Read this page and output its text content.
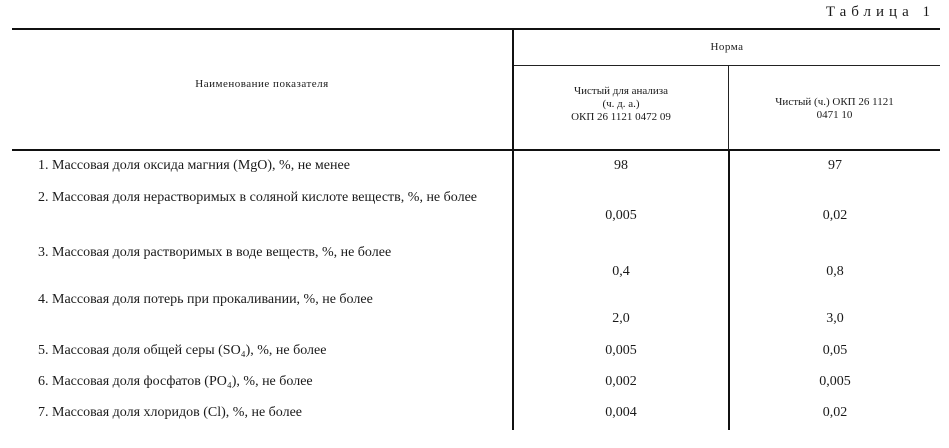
Таблица 1
Наименование показателя
Норма
Чистый для анализа
(ч. д. а.)
ОКП 26 1121 0472 09
Чистый (ч.) ОКП 26 1121
0471 10
1. Массовая доля оксида магния (MgO), %, не менее	98	97
2. Массовая доля нерастворимых в соляной кислоте веществ, %, не более
0,005	0,02
3. Массовая доля растворимых в воде веществ, %, не более
0,4	0,8
4. Массовая доля потерь при прокаливании, %, не более
2,0	3,0
5. Массовая доля общей серы (SO₄), %, не более	0,005	0,05
6. Массовая доля фосфатов (PO₄), %, не более	0,002	0,005
7. Массовая доля хлоридов (Cl), %, не более	0,004	0,02
